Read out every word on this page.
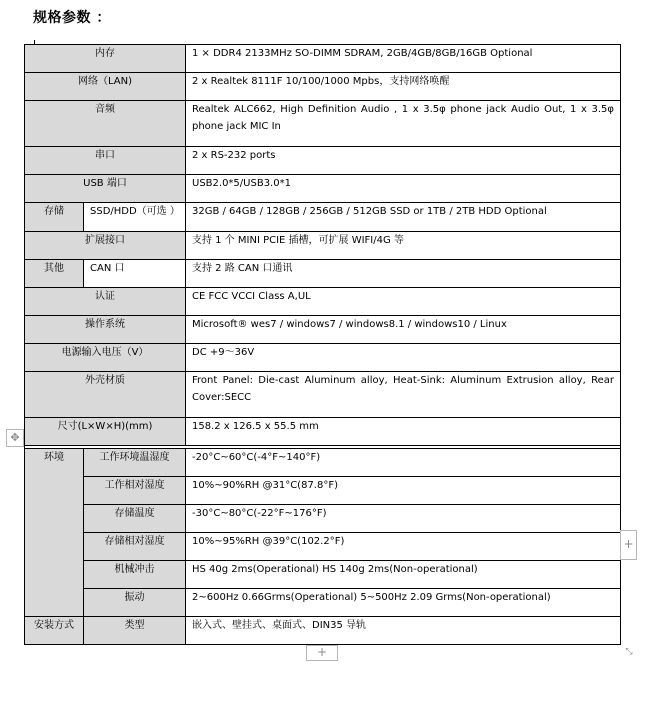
规格参数 ：
内存		1 × DDR4 2133MHz SO-DIMM SDRAM, 2GB/4GB/8GB/16GB Optional
网络（LAN)		2 x Realtek 8111F 10/100/1000 Mpbs，支持网络唤醒
音频		Realtek ALC662, High Definition Audio , 1 x 3.5φ phone jack Audio Out, 1 x 3.5φ phone jack MIC In
串口		2 x RS-232 ports
USB 端口		USB2.0*5/USB3.0*1
存储	SSD/HDD（可选 ）	32GB / 64GB / 128GB / 256GB / 512GB SSD or 1TB / 2TB HDD Optional
扩展接口		支持 1 个 MINI PCIE 插槽，可扩展 WIFI/4G 等
其他	CAN 口	支持 2 路 CAN 口通讯
认证		CE FCC VCCI Class A,UL
操作系统		Microsoft® wes7 / windows7 / windows8.1 / windows10 / Linux
电源输入电压（V）		DC +9～36V
外壳材质		Front Panel: Die-cast Aluminum alloy, Heat-Sink: Aluminum Extrusion alloy, Rear Cover:SECC
尺寸(L×W×H)(mm)		158.2 x 126.5 x 55.5 mm

环境	工作环境温湿度	-20°C~60°C(-4°F~140°F)
	工作相对湿度	10%~90%RH @31°C(87.8°F)
	存储温度	-30°C~80°C(-22°F~176°F)
	存储相对湿度	10%~95%RH @39°C(102.2°F)
	机械冲击	HS 40g 2ms(Operational) HS 140g 2ms(Non-operational)
	振动	2~600Hz 0.66Grms(Operational) 5~500Hz 2.09 Grms(Non-operational)
安装方式	类型	嵌入式、壁挂式、桌面式、DIN35 导轨
✥
+
+	⤡
